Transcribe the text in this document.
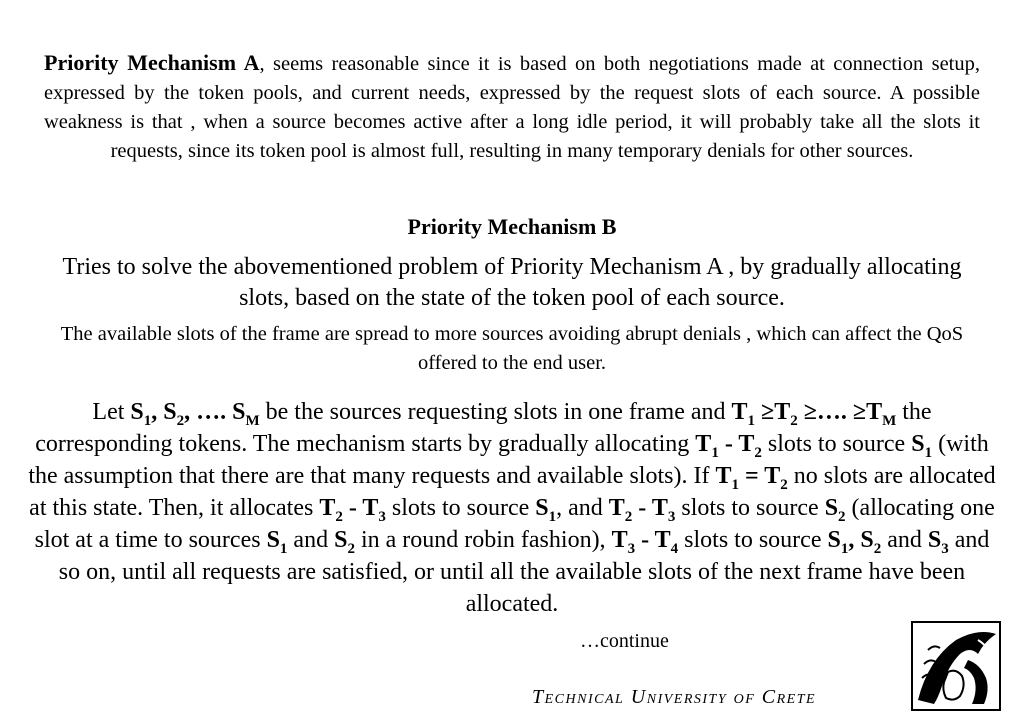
Priority Mechanism A, seems reasonable since it is based on both negotiations made at connection setup, expressed by the token pools, and current needs, expressed by the request slots of each source. A possible weakness is that , when a source becomes active after a long idle period, it will probably take all the slots it requests, since its token pool is almost full, resulting in many temporary denials for other sources.
Priority Mechanism B
Tries to solve the abovementioned problem of Priority Mechanism A , by gradually allocating slots, based on the state of the token pool of each source.
The available slots of the frame are spread to more sources avoiding abrupt denials , which can affect the QoS offered to the end user.
Let $S_1$, $S_2$, …. $S_M$ be the sources requesting slots in one frame and $T_1 \ge T_2$ ≥…. $\ge T_M$ the corresponding tokens. The mechanism starts by gradually allocating $T_1 - T_2$ slots to source $S_1$ (with the assumption that there are that many requests and available slots). If $T_1 = T_2$ no slots are allocated at this state. Then, it allocates $T_2 - T_3$ slots to source $S_1$, and $T_2 - T_3$ slots to source $S_2$ (allocating one slot at a time to sources $S_1$ and $S_2$ in a round robin fashion), $T_3 - T_4$ slots to source $S_1$, $S_2$ and $S_3$ and so on, until all requests are satisfied, or until all the available slots of the next frame have been allocated.
…continue
Technical University of Crete
